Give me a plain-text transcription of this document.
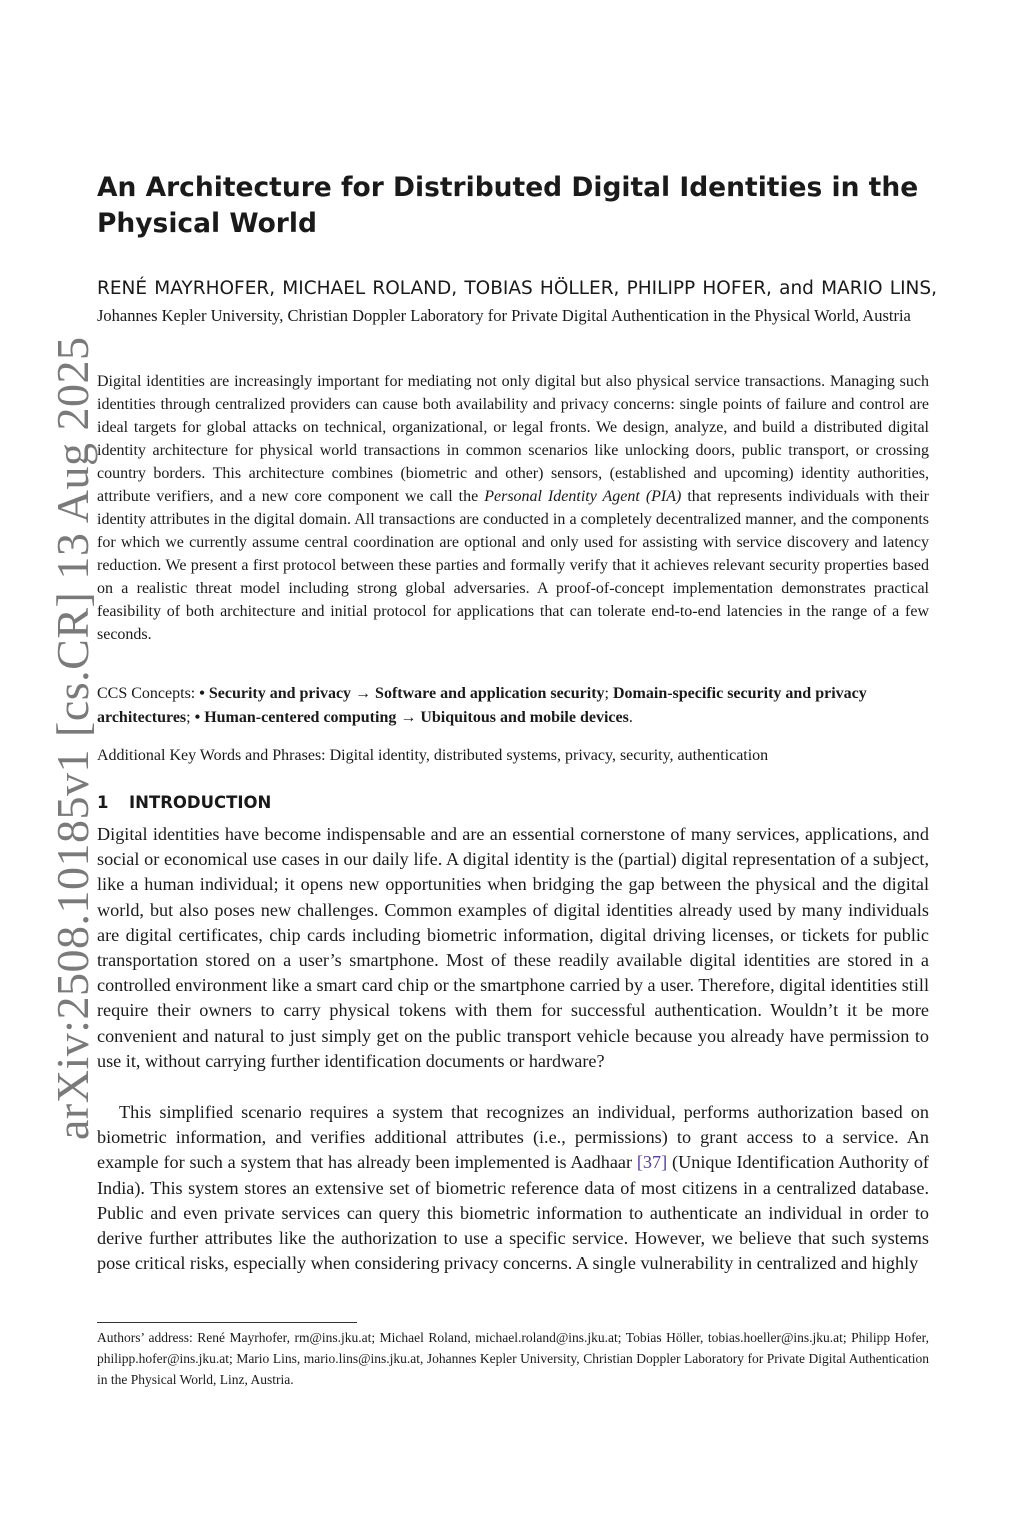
arXiv:2508.10185v1 [cs.CR] 13 Aug 2025
An Architecture for Distributed Digital Identities in the Physical World
RENÉ MAYRHOFER, MICHAEL ROLAND, TOBIAS HÖLLER, PHILIPP HOFER, and MARIO LINS, Johannes Kepler University, Christian Doppler Laboratory for Private Digital Authentication in the Physical World, Austria

Digital identities are increasingly important for mediating not only digital but also physical service transactions. Managing such identities through centralized providers can cause both availability and privacy concerns: single points of failure and control are ideal targets for global attacks on technical, organizational, or legal fronts. We design, analyze, and build a distributed digital identity architecture for physical world transactions in common scenarios like unlocking doors, public transport, or crossing country borders. This architecture combines (biometric and other) sensors, (established and upcoming) identity authorities, attribute verifiers, and a new core component we call the Personal Identity Agent (PIA) that represents individuals with their identity attributes in the digital domain. All transactions are conducted in a completely decentralized manner, and the components for which we currently assume central coordination are optional and only used for assisting with service discovery and latency reduction. We present a first protocol between these parties and formally verify that it achieves relevant security properties based on a realistic threat model including strong global adversaries. A proof-of-concept implementation demonstrates practical feasibility of both architecture and initial protocol for applications that can tolerate end-to-end latencies in the range of a few seconds.

CCS Concepts: • Security and privacy → Software and application security; Domain-specific security and privacy architectures; • Human-centered computing → Ubiquitous and mobile devices.

Additional Key Words and Phrases: Digital identity, distributed systems, privacy, security, authentication

1 INTRODUCTION

Digital identities have become indispensable and are an essential cornerstone of many services, applications, and social or economical use cases in our daily life. A digital identity is the (partial) digital representation of a subject, like a human individual; it opens new opportunities when bridging the gap between the physical and the digital world, but also poses new challenges. Common examples of digital identities already used by many individuals are digital certificates, chip cards including biometric information, digital driving licenses, or tickets for public transportation stored on a user’s smartphone. Most of these readily available digital identities are stored in a controlled environment like a smart card chip or the smartphone carried by a user. Therefore, digital identities still require their owners to carry physical tokens with them for successful authentication. Wouldn’t it be more convenient and natural to just simply get on the public transport vehicle because you already have permission to use it, without carrying further identification documents or hardware?

This simplified scenario requires a system that recognizes an individual, performs authorization based on biometric information, and verifies additional attributes (i.e., permissions) to grant access to a service. An example for such a system that has already been implemented is Aadhaar [37] (Unique Identification Authority of India). This system stores an extensive set of biometric reference data of most citizens in a centralized database. Public and even private services can query this biometric information to authenticate an individual in order to derive further attributes like the authorization to use a specific service. However, we believe that such systems pose critical risks, especially when considering privacy concerns. A single vulnerability in centralized and highly

Authors’ address: René Mayrhofer, rm@ins.jku.at; Michael Roland, michael.roland@ins.jku.at; Tobias Höller, tobias.hoeller@ins.jku.at; Philipp Hofer, philipp.hofer@ins.jku.at; Mario Lins, mario.lins@ins.jku.at, Johannes Kepler University, Christian Doppler Laboratory for Private Digital Authentication in the Physical World, Linz, Austria.
